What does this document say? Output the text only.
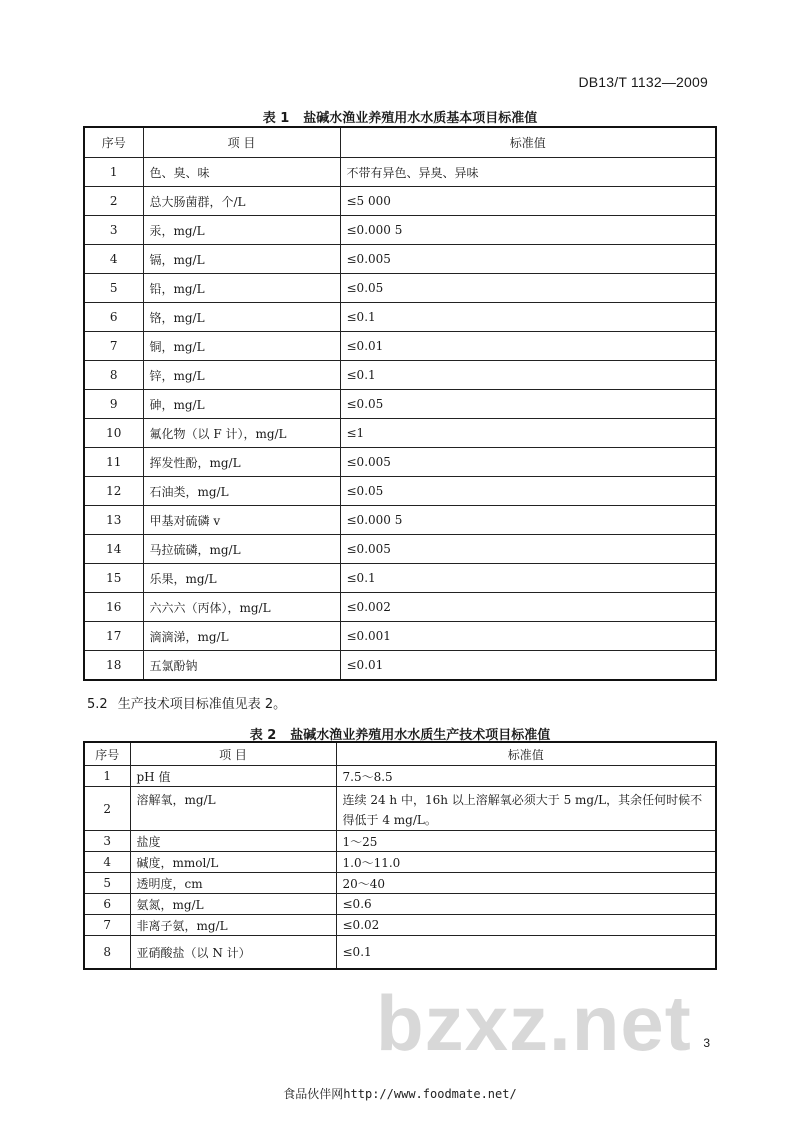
DB13/T 1132—2009
表 1 盐碱水渔业养殖用水水质基本项目标准值
序号	项 目	标准值
1	色、臭、味	不带有异色、异臭、异味
2	总大肠菌群，个/L	≤5 000
3	汞，mg/L	≤0.000 5
4	镉，mg/L	≤0.005
5	铅，mg/L	≤0.05
6	铬，mg/L	≤0.1
7	铜，mg/L	≤0.01
8	锌，mg/L	≤0.1
9	砷，mg/L	≤0.05
10	氟化物（以 F 计），mg/L	≤1
11	挥发性酚，mg/L	≤0.005
12	石油类，mg/L	≤0.05
13	甲基对硫磷 v	≤0.000 5
14	马拉硫磷，mg/L	≤0.005
15	乐果，mg/L	≤0.1
16	六六六（丙体），mg/L	≤0.002
17	滴滴涕，mg/L	≤0.001
18	五氯酚钠	≤0.01
5.2 生产技术项目标准值见表 2。
表 2 盐碱水渔业养殖用水水质生产技术项目标准值
序号	项 目	标准值
1	pH 值	7.5～8.5
2	溶解氧，mg/L	连续 24 h 中，16h 以上溶解氧必须大于 5 mg/L，其余任何时候不得低于 4 mg/L。
3	盐度	1～25
4	碱度，mmol/L	1.0～11.0
5	透明度，cm	20～40
6	氨氮，mg/L	≤0.6
7	非离子氨，mg/L	≤0.02
8	亚硝酸盐（以 N 计）	≤0.1
bzxz.net 3
食品伙伴网http://www.foodmate.net/
